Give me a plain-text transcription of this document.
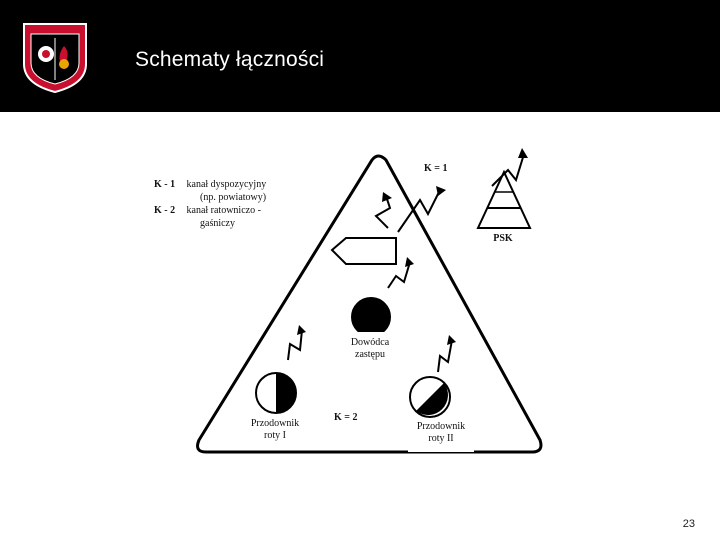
Schematy łączności
K - 1 kanał dyspozycyjny
(np. powiatowy)
K - 2 kanał ratowniczo -
gaśniczy
K = 1
PSK
Dowódca
zastępu
K = 2
Przodownik
roty I
Przodownik
roty II
23
